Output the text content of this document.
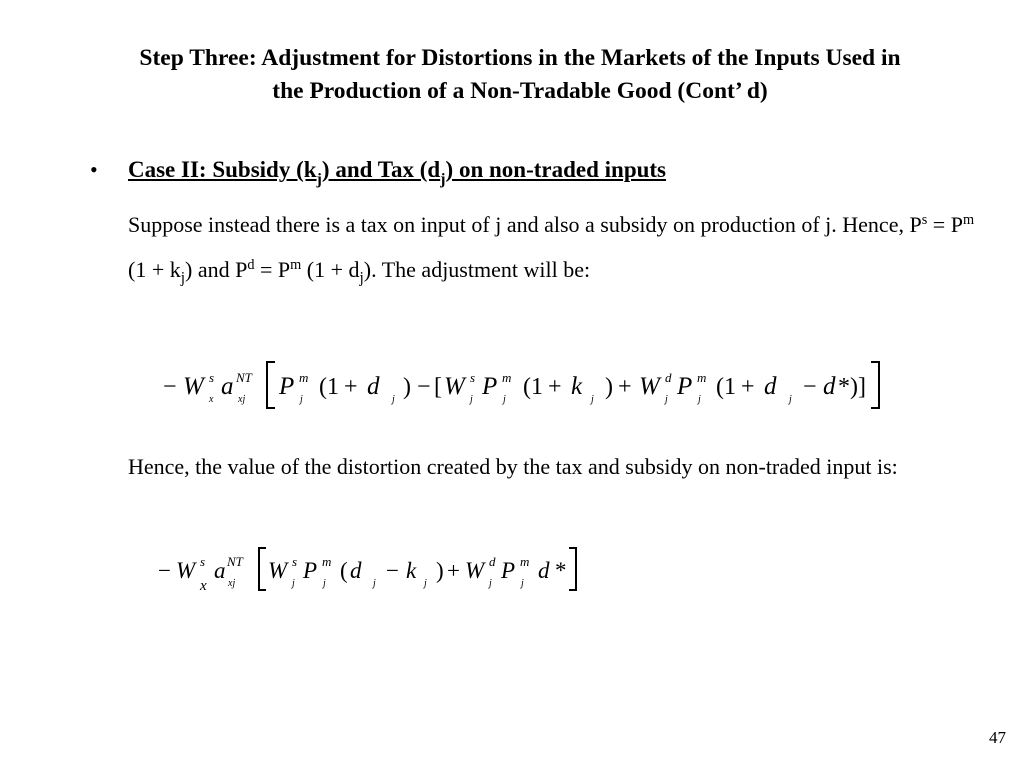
Step Three: Adjustment for Distortions in the Markets of the Inputs Used in
the Production of a Non-Tradable Good (Cont’ d)
• Case II: Subsidy $(k_j)$ and Tax $(d_j)$ on non-traded inputs
Suppose instead there is a tax on input of j and also a subsidy on production of j. Hence, $P^s = P^m$ $(1 + k_j)$ and $P^d = P^m$ $(1 + d_j)$. The adjustment will be:
− W s
x a NT
xj P m
j (1 + d j ) − [ W s
j P m
j (1 + k j ) + W d
j P m
j (1 + d j − d *)]
Hence, the value of the distortion created by the tax and subsidy on non-traded input is:
− W s
x
a NT
xj
W s
j
P m
j
( d
j
− k
j
) + W d
j
P m
j
d *
47
